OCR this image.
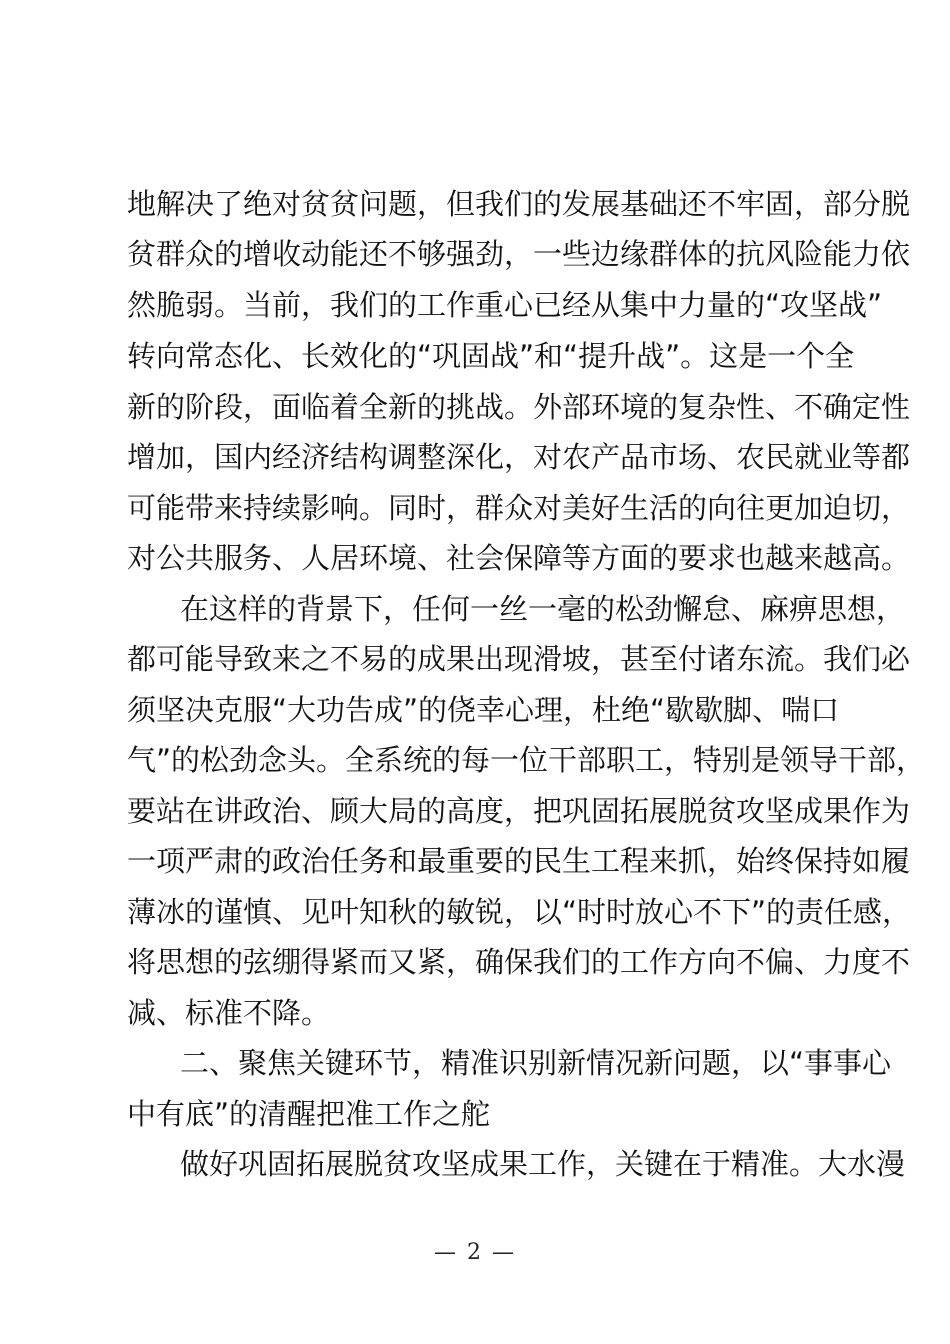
地解决了绝对贫贫问题，但我们的发展基础还不牢固，部分脱
贫群众的增收动能还不够强劲，一些边缘群体的抗风险能力依
然脆弱。当前，我们的工作重心已经从集中力量的“攻坚战”
转向常态化、长效化的“巩固战”和“提升战”。这是一个全
新的阶段，面临着全新的挑战。外部环境的复杂性、不确定性
增加，国内经济结构调整深化，对农产品市场、农民就业等都
可能带来持续影响。同时，群众对美好生活的向往更加迫切，
对公共服务、人居环境、社会保障等方面的要求也越来越高。
在这样的背景下，任何一丝一毫的松劲懈怠、麻痹思想，
都可能导致来之不易的成果出现滑坡，甚至付诸东流。我们必
须坚决克服“大功告成”的侥幸心理，杜绝“歇歇脚、喘口
气”的松劲念头。全系统的每一位干部职工，特别是领导干部，
要站在讲政治、顾大局的高度，把巩固拓展脱贫攻坚成果作为
一项严肃的政治任务和最重要的民生工程来抓，始终保持如履
薄冰的谨慎、见叶知秋的敏锐，以“时时放心不下”的责任感，
将思想的弦绷得紧而又紧，确保我们的工作方向不偏、力度不
减、标准不降。
二、聚焦关键环节，精准识别新情况新问题，以“事事心
中有底”的清醒把准工作之舵
做好巩固拓展脱贫攻坚成果工作，关键在于精准。大水漫
— 2 —
